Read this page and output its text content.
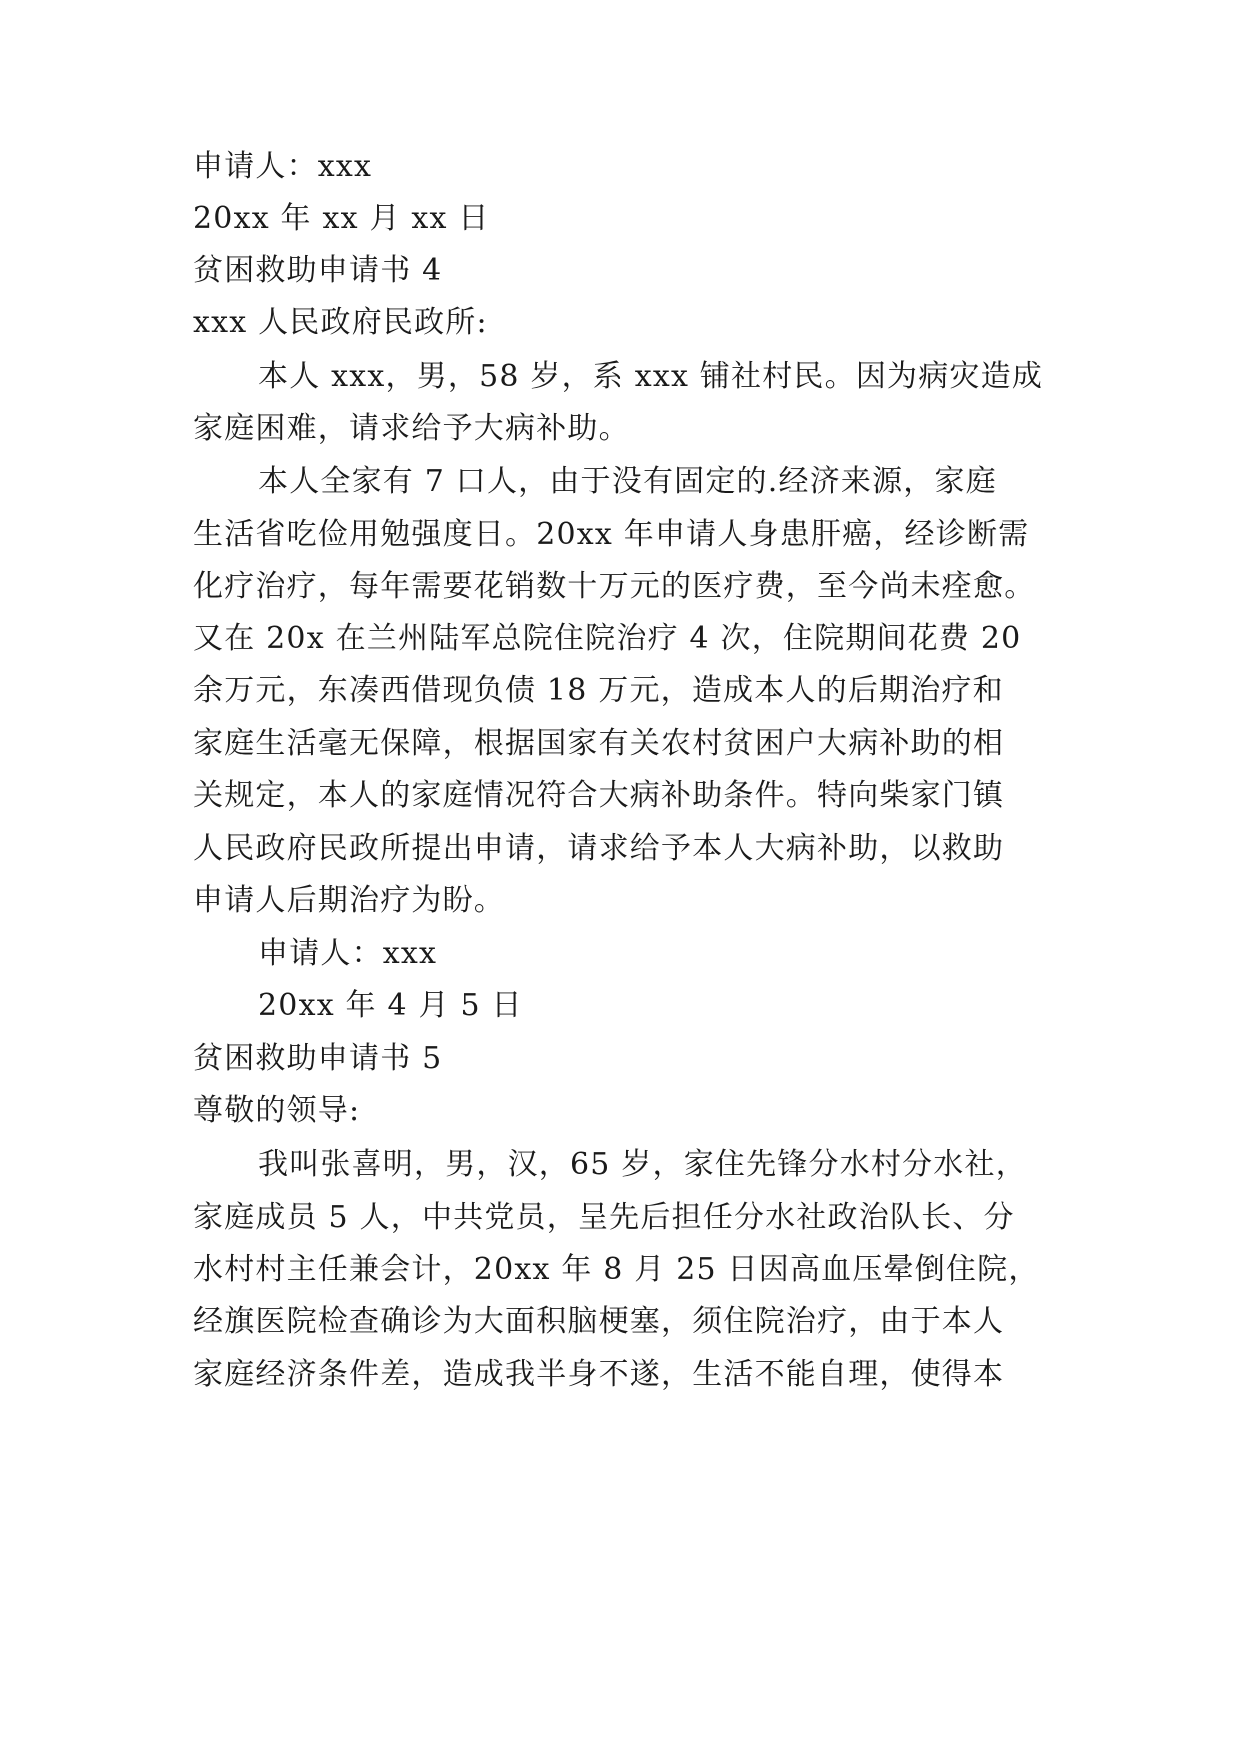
申请人：xxx
20xx 年 xx 月 xx 日
贫困救助申请书 4
xxx 人民政府民政所:
本人 xxx，男，58 岁，系 xxx 铺社村民。因为病灾造成
家庭困难，请求给予大病补助。
本人全家有 7 口人，由于没有固定的.经济来源，家庭
生活省吃俭用勉强度日。20xx 年申请人身患肝癌，经诊断需
化疗治疗，每年需要花销数十万元的医疗费，至今尚未痊愈。
又在 20x 在兰州陆军总院住院治疗 4 次，住院期间花费 20
余万元，东凑西借现负债 18 万元，造成本人的后期治疗和
家庭生活毫无保障，根据国家有关农村贫困户大病补助的相
关规定，本人的家庭情况符合大病补助条件。特向柴家门镇
人民政府民政所提出申请，请求给予本人大病补助，以救助
申请人后期治疗为盼。
申请人：xxx
20xx 年 4 月 5 日
贫困救助申请书 5
尊敬的领导:
我叫张喜明，男，汉，65 岁，家住先锋分水村分水社，
家庭成员 5 人，中共党员，呈先后担任分水社政治队长、分
水村村主任兼会计，20xx 年 8 月 25 日因高血压晕倒住院，
经旗医院检查确诊为大面积脑梗塞，须住院治疗，由于本人
家庭经济条件差，造成我半身不遂，生活不能自理，使得本
